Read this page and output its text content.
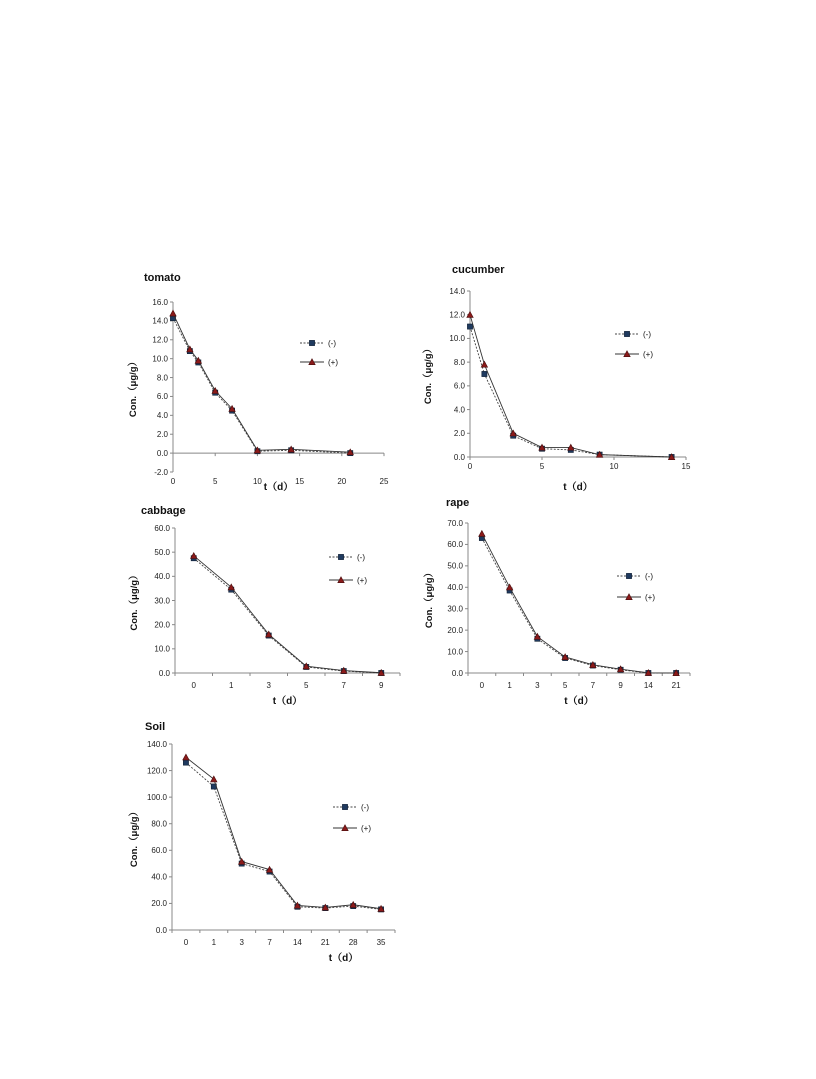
tomato
-2.0
0.0
2.0
4.0
6.0
8.0
10.0
12.0
14.0
16.0
0	5	10	15	20	25
t（d）
Con.（μg/g）
(-)
(+)
cucumber
0.0
2.0
4.0
6.0
8.0
10.0
12.0
14.0
0	5	10	15
t（d）
Con.（μg/g）
(-)
(+)
cabbage
0.0
10.0
20.0
30.0
40.0
50.0
60.0
0	1	3	5	7	9
t（d）
Con.（μg/g）
(-)
(+)
rape
0.0
10.0
20.0
30.0
40.0
50.0
60.0
70.0
0	1	3	5	7	9	14 21
t（d）
Con.（μg/g）	(-)
(+)
Soil
0.0
20.0
40.0
60.0
80.0
100.0
120.0
140.0
0	1	3	7	14 21 28 35
t（d）
Con.（μg/g）	(-)
(+)
